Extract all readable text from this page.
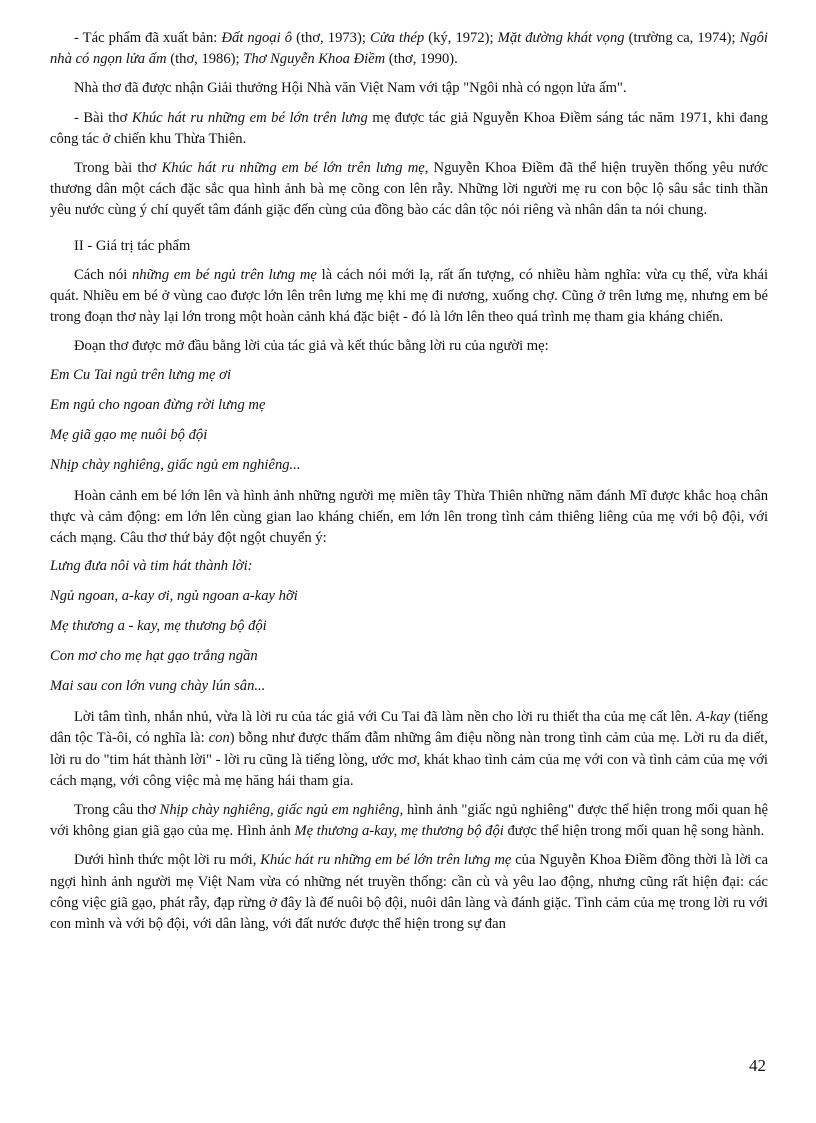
- Tác phẩm đã xuất bản: Đất ngoại ô (thơ, 1973); Cửa thép (ký, 1972); Mặt đường khát vọng (trường ca, 1974); Ngôi nhà có ngọn lửa ấm (thơ, 1986); Thơ Nguyễn Khoa Điềm (thơ, 1990).

Nhà thơ đã được nhận Giải thưởng Hội Nhà văn Việt Nam với tập "Ngôi nhà có ngọn lửa ấm".

- Bài thơ Khúc hát ru những em bé lớn trên lưng mẹ được tác giả Nguyễn Khoa Điềm sáng tác năm 1971, khi đang công tác ở chiến khu Thừa Thiên.

Trong bài thơ Khúc hát ru những em bé lớn trên lưng mẹ, Nguyễn Khoa Điềm đã thể hiện truyền thống yêu nước thương dân một cách đặc sắc qua hình ảnh bà mẹ cõng con lên rẫy. Những lời người mẹ ru con bộc lộ sâu sắc tinh thần yêu nước cùng ý chí quyết tâm đánh giặc đến cùng của đồng bào các dân tộc nói riêng và nhân dân ta nói chung.

II - Giá trị tác phẩm

Cách nói những em bé ngủ trên lưng mẹ là cách nói mới lạ, rất ấn tượng, có nhiều hàm nghĩa: vừa cụ thể, vừa khái quát. Nhiều em bé ở vùng cao được lớn lên trên lưng mẹ khi mẹ đi nương, xuống chợ. Cũng ở trên lưng mẹ, nhưng em bé trong đoạn thơ này lại lớn trong một hoàn cảnh khá đặc biệt - đó là lớn lên theo quá trình mẹ tham gia kháng chiến.

Đoạn thơ được mở đầu bằng lời của tác giả và kết thúc bằng lời ru của người mẹ:

Em Cu Tai ngủ trên lưng mẹ ơi
Em ngủ cho ngoan đừng rời lưng mẹ
Mẹ giã gạo mẹ nuôi bộ đội
Nhịp chày nghiêng, giấc ngủ em nghiêng...

Hoàn cảnh em bé lớn lên và hình ảnh những người mẹ miền tây Thừa Thiên những năm đánh Mĩ được khắc hoạ chân thực và cảm động: em lớn lên cùng gian lao kháng chiến, em lớn lên trong tình cảm thiêng liêng của mẹ với bộ đội, với cách mạng. Câu thơ thứ bảy đột ngột chuyển ý:

Lưng đưa nôi và tim hát thành lời:
Ngủ ngoan, a-kay ơi, ngủ ngoan a-kay hỡi
Mẹ thương a - kay, mẹ thương bộ đội
Con mơ cho mẹ hạt gạo trắng ngần
Mai sau con lớn vung chày lún sân...

Lời tâm tình, nhắn nhủ, vừa là lời ru của tác giả với Cu Tai đã làm nền cho lời ru thiết tha của mẹ cất lên. A-kay (tiếng dân tộc Tà-ôi, có nghĩa là: con) bỗng như được thấm đẫm những âm điệu nồng nàn trong tình cảm của mẹ. Lời ru da diết, lời ru do "tim hát thành lời" - lời ru cũng là tiếng lòng, ước mơ, khát khao tình cảm của mẹ với con và tình cảm của mẹ với cách mạng, với công việc mà mẹ hăng hái tham gia.

Trong câu thơ Nhịp chày nghiêng, giấc ngủ em nghiêng, hình ảnh "giấc ngủ nghiêng" được thể hiện trong mối quan hệ với không gian giã gạo của mẹ. Hình ảnh Mẹ thương a-kay, mẹ thương bộ đội được thể hiện trong mối quan hệ song hành.

Dưới hình thức một lời ru mới, Khúc hát ru những em bé lớn trên lưng mẹ của Nguyễn Khoa Điềm đồng thời là lời ca ngợi hình ảnh người mẹ Việt Nam vừa có những nét truyền thống: cần cù và yêu lao động, nhưng cũng rất hiện đại: các công việc giã gạo, phát rẫy, đạp rừng ở đây là để nuôi bộ đội, nuôi dân làng và đánh giặc. Tình cảm của mẹ trong lời ru với con mình và với bộ đội, với dân làng, với đất nước được thể hiện trong sự đan

42
